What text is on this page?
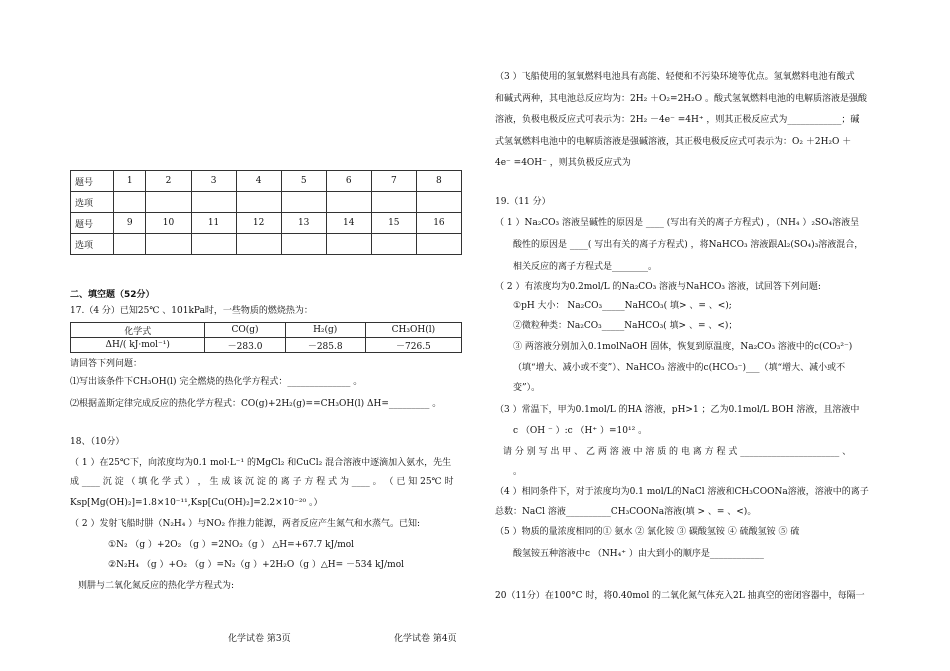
题号	1	2	3	4	5	6	7	8
选项								
题号	9	10	11	12	13	14	15	16
选项								
二、填空题（52分）
17.（4 分）已知25℃ 、101kPa时，一些物质的燃烧热为：
化学式	CO(g)	H₂(g)	CH₃OH(l)
ΔH/( kJ·mol⁻¹)	－283.0	－285.8	－726.5
请回答下列问题：
⑴写出该条件下CH₃OH(l) 完全燃烧的热化学方程式：______________ 。
⑵根据盖斯定律完成反应的热化学方程式：CO(g)+2H₂(g)==CH₃OH(l) ΔH=_________ 。
18、（10分）
（ 1 ）在25℃下，向浓度均为0.1 mol·L⁻¹ 的MgCl₂ 和CuCl₂ 混合溶液中逐滴加入氨水，先生
成 ____ 沉 淀 （ 填 化 学 式 ） ， 生 成 该 沉 淀 的 离 子 方 程 式 为 ____ 。 （ 已 知 25℃ 时
Ksp[Mg(OH)₂]=1.8×10⁻¹¹,Ksp[Cu(OH)₂]=2.2×10⁻²⁰ 。）
（ 2 ）发射飞船时肼（N₂H₄ ）与NO₂ 作推力能源，两者反应产生氮气和水蒸气。已知:
①N₂ （g ）+2O₂ （g ）=2NO₂（g ） △H=+67.7 kJ/mol
②N₂H₄ （g ）+O₂ （g ）=N₂（g ）+2H₂O（g ）△H= －534 kJ/mol
则肼与二氧化氮反应的热化学方程式为:
化学试卷 第3页
（3 ）飞船使用的氢氧燃料电池具有高能、轻便和不污染环境等优点。氢氧燃料电池有酸式
和碱式两种，其电池总反应均为：2H₂ ＋O₂=2H₂O 。酸式氢氧燃料电池的电解质溶液是强酸
溶液，负极电极反应式可表示为：2H₂ －4e⁻ =4H⁺ ，则其正极反应式为____________；碱
式氢氧燃料电池中的电解质溶液是强碱溶液，其正极电极反应式可表示为：O₂ ＋2H₂O ＋
4e⁻ =4OH⁻ ，则其负极反应式为
19.（11 分）
（ 1 ）Na₂CO₃ 溶液呈碱性的原因是 ____ (写出有关的离子方程式) ，（NH₄ ）₂SO₄溶液呈
酸性的原因是 ____( 写出有关的离子方程式) ，将NaHCO₃ 溶液跟Al₂(SO₄)₃溶液混合，
相关反应的离子方程式是________。
（ 2 ）有浓度均为0.2mol/L 的Na₂CO₃ 溶液与NaHCO₃ 溶液，试回答下列问题:
①pH 大小： Na₂CO₃_____NaHCO₃( 填> 、= 、<);
②微粒种类：Na₂CO₃_____NaHCO₃( 填> 、= 、<)；
③ 两溶液分别加入0.1molNaOH 固体，恢复到原温度，Na₂CO₃ 溶液中的c(CO₃²⁻)
（填“增大、减小或不变”）、NaHCO₃ 溶液中的c(HCO₃⁻)___（填“增大、减小或不
变”）。
（3 ）常温下，甲为0.1mol/L 的HA 溶液，pH>1 ；乙为0.1mol/L BOH 溶液，且溶液中
c （OH ⁻ ）:c （H⁺ ）=10¹² 。
请 分 别 写 出 甲 、 乙 两 溶 液 中 溶 质 的 电 离 方 程 式 ______________________ 、
。
（4 ）相同条件下，对于浓度均为0.1 mol/L的NaCl 溶液和CH₃COONa溶液，溶液中的离子
总数：NaCl 溶液__________CH₃COONa溶液(填 > 、= 、<)。
（5 ）物质的量浓度相同的① 氨水 ② 氯化铵 ③ 碳酸氢铵 ④ 硫酸氢铵 ⑤ 硫
酸氢铵五种溶液中c （NH₄⁺ ）由大到小的顺序是____________
20（11分）在100°C 时，将0.40mol 的二氧化氮气体充入2L 抽真空的密闭容器中，每隔一
化学试卷 第4页
